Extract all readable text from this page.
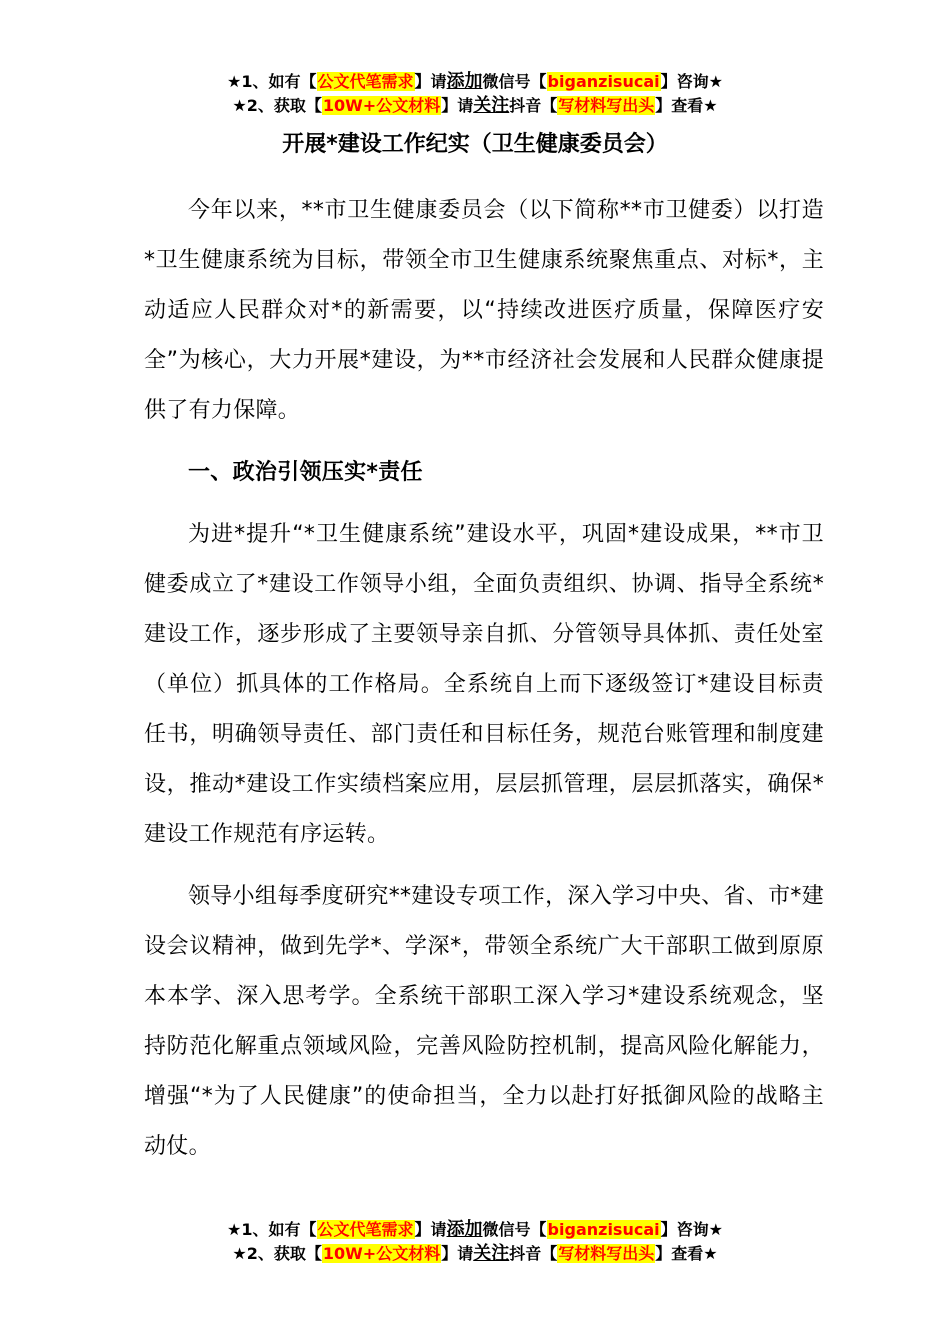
★1、如有【公文代笔需求】请添加微信号【biganzisucai】咨询★
★2、获取【10W+公文材料】请关注抖音【写材料写出头】查看★
开展*建设工作纪实（卫生健康委员会）

今年以来，**市卫生健康委员会（以下简称**市卫健委）以打造*卫生健康系统为目标，带领全市卫生健康系统聚焦重点、对标*，主动适应人民群众对*的新需要，以“持续改进医疗质量，保障医疗安全”为核心，大力开展*建设，为**市经济社会发展和人民群众健康提供了有力保障。

一、政治引领压实*责任

为进*提升“*卫生健康系统”建设水平，巩固*建设成果，**市卫健委成立了*建设工作领导小组，全面负责组织、协调、指导全系统*建设工作，逐步形成了主要领导亲自抓、分管领导具体抓、责任处室（单位）抓具体的工作格局。全系统自上而下逐级签订*建设目标责任书，明确领导责任、部门责任和目标任务，规范台账管理和制度建设，推动*建设工作实绩档案应用，层层抓管理，层层抓落实，确保*建设工作规范有序运转。

领导小组每季度研究**建设专项工作，深入学习中央、省、市*建设会议精神，做到先学*、学深*，带领全系统广大干部职工做到原原本本学、深入思考学。全系统干部职工深入学习*建设系统观念，坚持防范化解重点领域风险，完善风险防控机制，提高风险化解能力，增强“*为了人民健康”的使命担当，全力以赴打好抵御风险的战略主动仗。

★1、如有【公文代笔需求】请添加微信号【biganzisucai】咨询★
★2、获取【10W+公文材料】请关注抖音【写材料写出头】查看★
